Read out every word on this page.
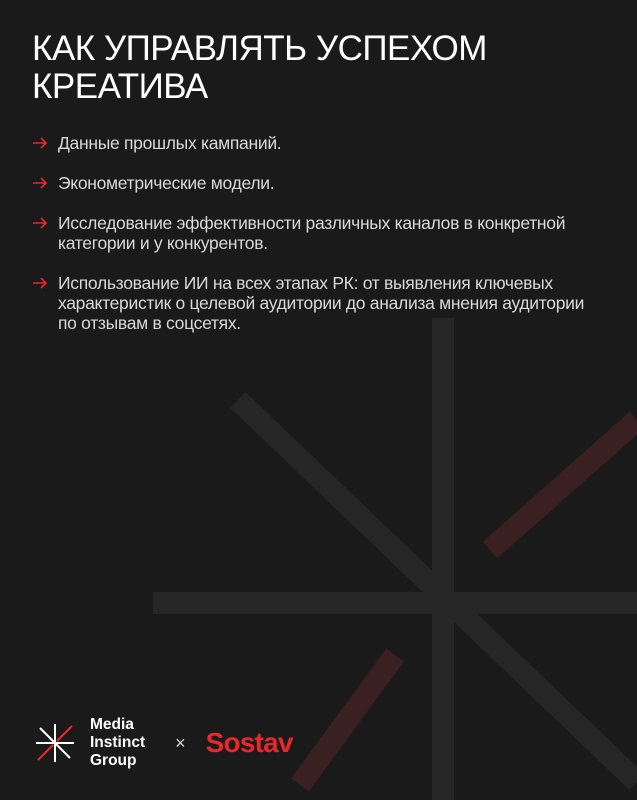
КАК УПРАВЛЯТЬ УСПЕХОМ КРЕАТИВА
Данные прошлых кампаний.
Эконометрические модели.
Исследование эффективности различных каналов в конкретной категории и у конкурентов.
Использование ИИ на всех этапах РК: от выявления ключевых характеристик о целевой аудитории до анализа мнения аудитории по отзывам в соцсетях.
Media
Instinct
Group
× Sostav
